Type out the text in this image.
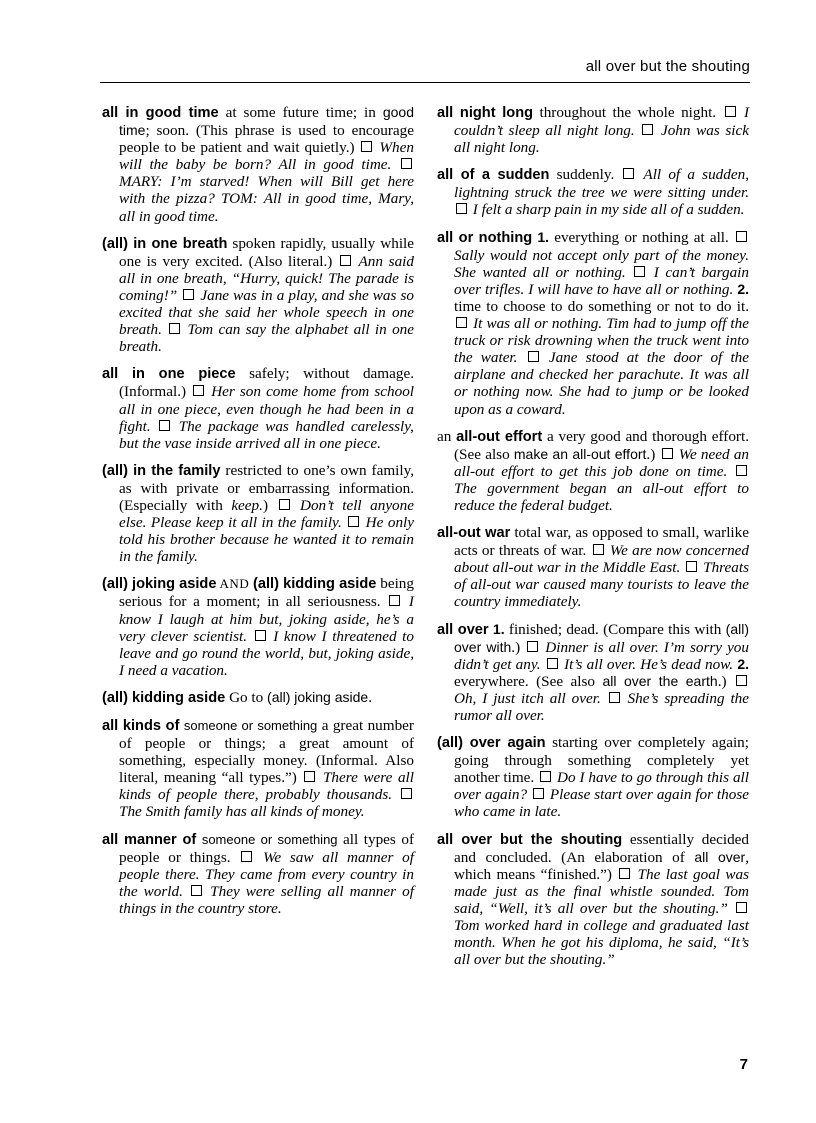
all over but the shouting
all in good time at some future time; in good time; soon. (This phrase is used to encourage people to be patient and wait quietly.)  When will the baby be born? All in good time.  MARY: I’m starved! When will Bill get here with the pizza? TOM: All in good time, Mary, all in good time.
(all) in one breath spoken rapidly, usually while one is very excited. (Also literal.)  Ann said all in one breath, “Hurry, quick! The parade is coming!”  Jane was in a play, and she was so excited that she said her whole speech in one breath.  Tom can say the alphabet all in one breath.
all in one piece safely; without damage. (Informal.)  Her son come home from school all in one piece, even though he had been in a fight.  The package was handled carelessly, but the vase inside arrived all in one piece.
(all) in the family restricted to one’s own family, as with private or embarrassing information. (Especially with keep.)  Don’t tell anyone else. Please keep it all in the family.  He only told his brother because he wanted it to remain in the family.
(all) joking aside AND (all) kidding aside being serious for a moment; in all seriousness.  I know I laugh at him but, joking aside, he’s a very clever scientist.  I know I threatened to leave and go round the world, but, joking aside, I need a vacation.
(all) kidding aside Go to (all) joking aside.
all kinds of someone or something a great number of people or things; a great amount of something, especially money. (Informal. Also literal, meaning “all types.”)  There were all kinds of people there, probably thousands.  The Smith family has all kinds of money.
all manner of someone or something all types of people or things.  We saw all manner of people there. They came from every country in the world.  They were selling all manner of things in the country store.
all night long throughout the whole night.  I couldn’t sleep all night long.  John was sick all night long.
all of a sudden suddenly.  All of a sudden, lightning struck the tree we were sitting under.  I felt a sharp pain in my side all of a sudden.
all or nothing 1. everything or nothing at all.  Sally would not accept only part of the money. She wanted all or nothing.  I can’t bargain over trifles. I will have to have all or nothing. 2. time to choose to do something or not to do it.  It was all or nothing. Tim had to jump off the truck or risk drowning when the truck went into the water.  Jane stood at the door of the airplane and checked her parachute. It was all or nothing now. She had to jump or be looked upon as a coward.
an all-out effort a very good and thorough effort. (See also make an all-out effort.)  We need an all-out effort to get this job done on time.  The government began an all-out effort to reduce the federal budget.
all-out war total war, as opposed to small, warlike acts or threats of war.  We are now concerned about all-out war in the Middle East.  Threats of all-out war caused many tourists to leave the country immediately.
all over 1. finished; dead. (Compare this with (all) over with.)  Dinner is all over. I’m sorry you didn’t get any.  It’s all over. He’s dead now. 2. everywhere. (See also all over the earth.)  Oh, I just itch all over.  She’s spreading the rumor all over.
(all) over again starting over completely again; going through something completely yet another time.  Do I have to go through this all over again?  Please start over again for those who came in late.
all over but the shouting essentially decided and concluded. (An elaboration of all over, which means “finished.”)  The last goal was made just as the final whistle sounded. Tom said, “Well, it’s all over but the shouting.”  Tom worked hard in college and graduated last month. When he got his diploma, he said, “It’s all over but the shouting.”
7
